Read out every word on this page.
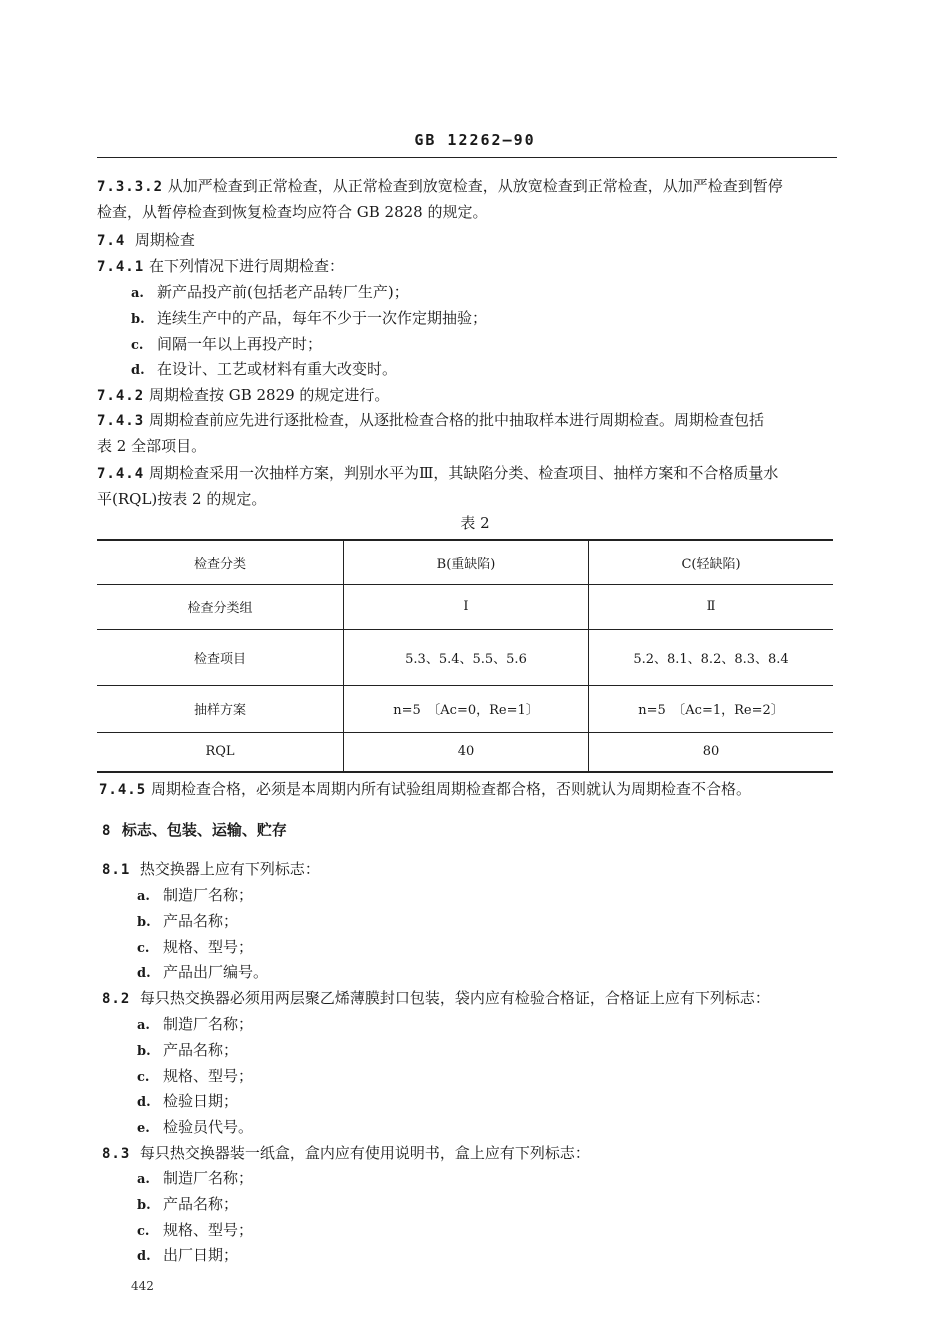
GB 12262—90
7.3.3.2 从加严检查到正常检查，从正常检查到放宽检查，从放宽检查到正常检查，从加严检查到暂停
检查，从暂停检查到恢复检查均应符合 GB 2828 的规定。
7.4 周期检查
7.4.1 在下列情况下进行周期检查：
a. 新产品投产前(包括老产品转厂生产)；
b. 连续生产中的产品，每年不少于一次作定期抽验；
c. 间隔一年以上再投产时；
d. 在设计、工艺或材料有重大改变时。
7.4.2 周期检查按 GB 2829 的规定进行。
7.4.3 周期检查前应先进行逐批检查，从逐批检查合格的批中抽取样本进行周期检查。周期检查包括
表 2 全部项目。
7.4.4 周期检查采用一次抽样方案，判别水平为Ⅲ，其缺陷分类、检查项目、抽样方案和不合格质量水
平(RQL)按表 2 的规定。
表 2
检查分类	B(重缺陷)	C(轻缺陷)
检查分类组	Ⅰ	Ⅱ
检查项目	5.3、5.4、5.5、5.6	5.2、8.1、8.2、8.3、8.4
抽样方案	n=5　〔Ac=0，Re=1〕	n=5　〔Ac=1，Re=2〕
RQL	40	80
7.4.5 周期检查合格，必须是本周期内所有试验组周期检查都合格，否则就认为周期检查不合格。
8 标志、包装、运输、贮存
8.1 热交换器上应有下列标志：
a. 制造厂名称；
b. 产品名称；
c. 规格、型号；
d. 产品出厂编号。
8.2 每只热交换器必须用两层聚乙烯薄膜封口包装，袋内应有检验合格证，合格证上应有下列标志：
a. 制造厂名称；
b. 产品名称；
c. 规格、型号；
d. 检验日期；
e. 检验员代号。
8.3 每只热交换器装一纸盒，盒内应有使用说明书，盒上应有下列标志：
a. 制造厂名称；
b. 产品名称；
c. 规格、型号；
d. 出厂日期；
442
